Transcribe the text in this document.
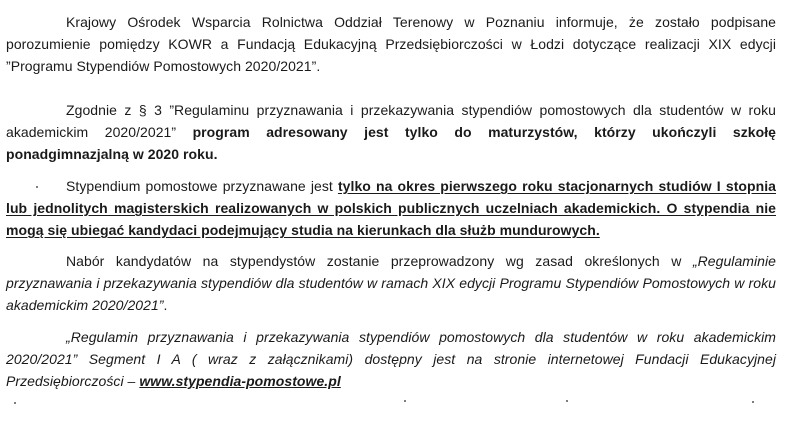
Krajowy Ośrodek Wsparcia Rolnictwa Oddział Terenowy w Poznaniu informuje, że zostało podpisane porozumienie pomiędzy KOWR a Fundacją Edukacyjną Przedsiębiorczości w Łodzi dotyczące realizacji XIX edycji ”Programu Stypendiów Pomostowych 2020/2021”.

Zgodnie z § 3 ”Regulaminu przyznawania i przekazywania stypendiów pomostowych dla studentów w roku akademickim 2020/2021” program adresowany jest tylko do maturzystów, którzy ukończyli szkołę ponadgimnazjalną w 2020 roku.

Stypendium pomostowe przyznawane jest tylko na okres pierwszego roku stacjonarnych studiów I stopnia lub jednolitych magisterskich realizowanych w polskich publicznych uczelniach akademickich. O stypendia nie mogą się ubiegać kandydaci podejmujący studia na kierunkach dla służb mundurowych.

Nabór kandydatów na stypendystów zostanie przeprowadzony wg zasad określonych w „Regulaminie przyznawania i przekazywania stypendiów dla studentów w ramach XIX edycji Programu Stypendiów Pomostowych w roku akademickim 2020/2021”.

„Regulamin przyznawania i przekazywania stypendiów pomostowych dla studentów w roku akademickim 2020/2021” Segment I A ( wraz z załącznikami) dostępny jest na stronie internetowej Fundacji Edukacyjnej Przedsiębiorczości – www.stypendia-pomostowe.pl
